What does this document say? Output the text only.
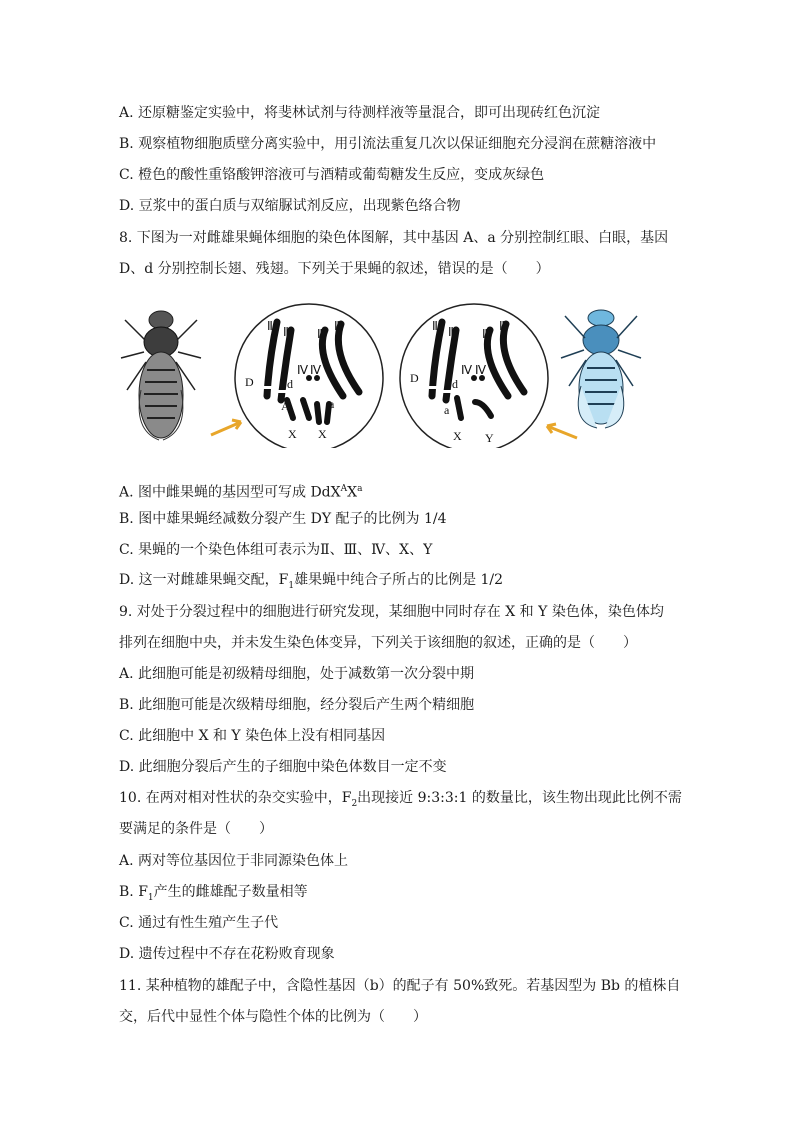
A. 还原糖鉴定实验中，将斐林试剂与待测样液等量混合，即可出现砖红色沉淀
B. 观察植物细胞质壁分离实验中，用引流法重复几次以保证细胞充分浸润在蔗糖溶液中
C. 橙色的酸性重铬酸钾溶液可与酒精或葡萄糖发生反应，变成灰绿色
D. 豆浆中的蛋白质与双缩脲试剂反应，出现紫色络合物
8. 下图为一对雌雄果蝇体细胞的染色体图解，其中基因 A、a 分别控制红眼、白眼，基因
D、d 分别控制长翅、残翅。下列关于果蝇的叙述，错误的是（　　）
Ⅱ Ⅱ Ⅲ
Ⅲ
D	d
Ⅳ Ⅳ
A	a
X X
Ⅱ Ⅱ Ⅲ
Ⅲ
D	d
Ⅳ Ⅳ
a
X Y
A. 图中雌果蝇的基因型可写成 $DdX^AX^a$
B. 图中雄果蝇经减数分裂产生 DY 配子的比例为 1/4
C. 果蝇的一个染色体组可表示为Ⅱ、Ⅲ、Ⅳ、X、Y
D. 这一对雌雄果蝇交配，$F_1$雄果蝇中纯合子所占的比例是 1/2
9. 对处于分裂过程中的细胞进行研究发现，某细胞中同时存在 X 和 Y 染色体，染色体均
排列在细胞中央，并未发生染色体变异，下列关于该细胞的叙述，正确的是（　　）
A. 此细胞可能是初级精母细胞，处于减数第一次分裂中期
B. 此细胞可能是次级精母细胞，经分裂后产生两个精细胞
C. 此细胞中 X 和 Y 染色体上没有相同基因
D. 此细胞分裂后产生的子细胞中染色体数目一定不变
10. 在两对相对性状的杂交实验中，$F_2$出现接近 9:3:3:1 的数量比，该生物出现此比例不需
要满足的条件是（　　）
A. 两对等位基因位于非同源染色体上
B. $F_1$产生的雌雄配子数量相等
C. 通过有性生殖产生子代
D. 遗传过程中不存在花粉败育现象
11. 某种植物的雄配子中，含隐性基因（b）的配子有 50%致死。若基因型为 Bb 的植株自
交，后代中显性个体与隐性个体的比例为（　　）
